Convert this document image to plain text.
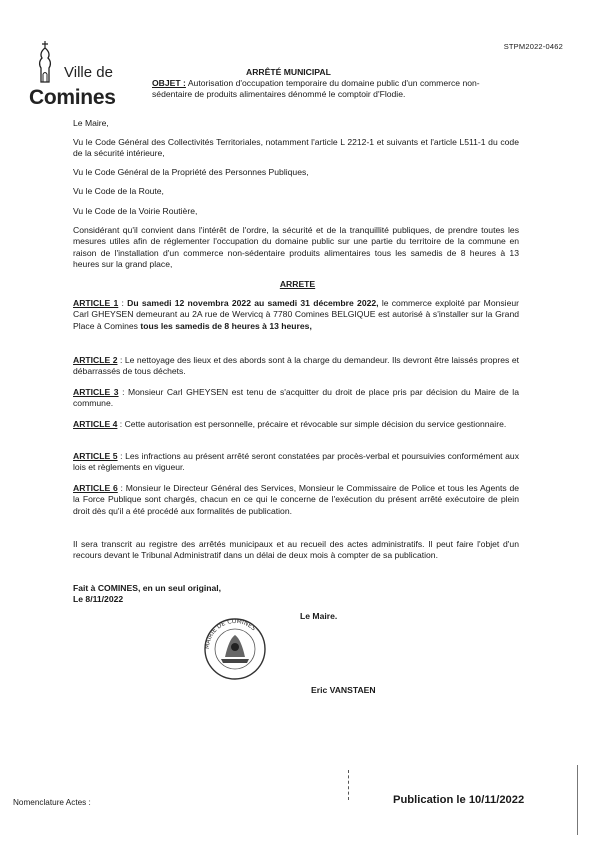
STPM2022-0462
Ville de
Comines
ARRÊTÉ MUNICIPAL
OBJET : Autorisation d'occupation temporaire du domaine public d'un commerce non-sédentaire de produits alimentaires dénommé le comptoir d'Flodie.
Le Maire,
Vu le Code Général des Collectivités Territoriales, notamment l'article L 2212-1 et suivants et l'article L511-1 du code de la sécurité intérieure,
Vu le Code Général de la Propriété des Personnes Publiques,
Vu le Code de la Route,
Vu le Code de la Voirie Routière,
Considérant qu'il convient dans l'intérêt de l'ordre, la sécurité et de la tranquillité publiques, de prendre toutes les mesures utiles afin de réglementer l'occupation du domaine public sur une partie du territoire de la commune en raison de l'installation d'un commerce non-sédentaire produits alimentaires tous les samedis de 8 heures à 13 heures sur la grand place,
ARRETE
ARTICLE 1 : Du samedi 12 novembra 2022 au samedi 31 décembre 2022, le commerce exploité par Monsieur Carl GHEYSEN demeurant au 2A rue de Wervicq à 7780 Comines BELGIQUE est autorisé à s'installer sur la Grand Place à Comines tous les samedis de 8 heures à 13 heures,
ARTICLE 2 : Le nettoyage des lieux et des abords sont à la charge du demandeur. Ils devront être laissés propres et débarrassés de tous déchets.
ARTICLE 3 : Monsieur Carl GHEYSEN est tenu de s'acquitter du droit de place pris par décision du Maire de la commune.
ARTICLE 4 : Cette autorisation est personnelle, précaire et révocable sur simple décision du service gestionnaire.
ARTICLE 5 : Les infractions au présent arrêté seront constatées par procès-verbal et poursuivies conformément aux lois et règlements en vigueur.
ARTICLE 6 : Monsieur le Directeur Général des Services, Monsieur le Commissaire de Police et tous les Agents de la Force Publique sont chargés, chacun en ce qui le concerne de l'exécution du présent arrêté exécutoire de plein droit dès qu'il a été procédé aux formalités de publication.
Il sera transcrit au registre des arrêtés municipaux et au recueil des actes administratifs. Il peut faire l'objet d'un recours devant le Tribunal Administratif dans un délai de deux mois à compter de sa publication.
Fait à COMINES, en un seul original,
Le 8/11/2022
Le Maire.
MAIRIE DE COMINES
Eric VANSTAEN
Nomenclature Actes :	Publication le 10/11/2022
